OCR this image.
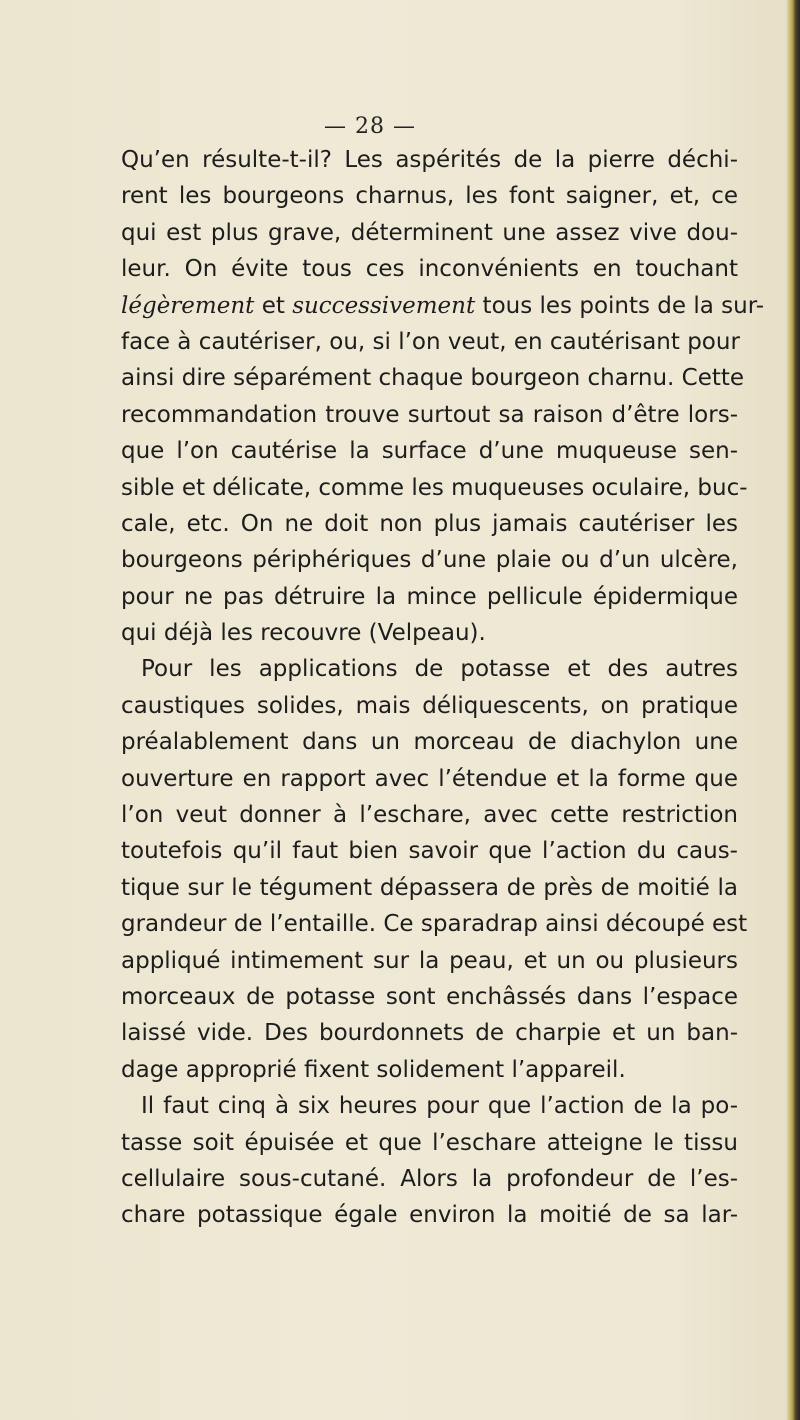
— 28 —
Qu’en résulte-t-il? Les aspérités de la pierre déchi-
rent les bourgeons charnus, les font saigner, et, ce
qui est plus grave, déterminent une assez vive dou-
leur. On évite tous ces inconvénients en touchant
légèrement et successivement tous les points de la sur-
face à cautériser, ou, si l’on veut, en cautérisant pour
ainsi dire séparément chaque bourgeon charnu. Cette
recommandation trouve surtout sa raison d’être lors-
que l’on cautérise la surface d’une muqueuse sen-
sible et délicate, comme les muqueuses oculaire, buc-
cale, etc. On ne doit non plus jamais cautériser les
bourgeons périphériques d’une plaie ou d’un ulcère,
pour ne pas détruire la mince pellicule épidermique
qui déjà les recouvre (Velpeau).
Pour les applications de potasse et des autres
caustiques solides, mais déliquescents, on pratique
préalablement dans un morceau de diachylon une
ouverture en rapport avec l’étendue et la forme que
l’on veut donner à l’eschare, avec cette restriction
toutefois qu’il faut bien savoir que l’action du caus-
tique sur le tégument dépassera de près de moitié la
grandeur de l’entaille. Ce sparadrap ainsi découpé est
appliqué intimement sur la peau, et un ou plusieurs
morceaux de potasse sont enchâssés dans l’espace
laissé vide. Des bourdonnets de charpie et un ban-
dage approprié fixent solidement l’appareil.
Il faut cinq à six heures pour que l’action de la po-
tasse soit épuisée et que l’eschare atteigne le tissu
cellulaire sous-cutané. Alors la profondeur de l’es-
chare potassique égale environ la moitié de sa lar-
